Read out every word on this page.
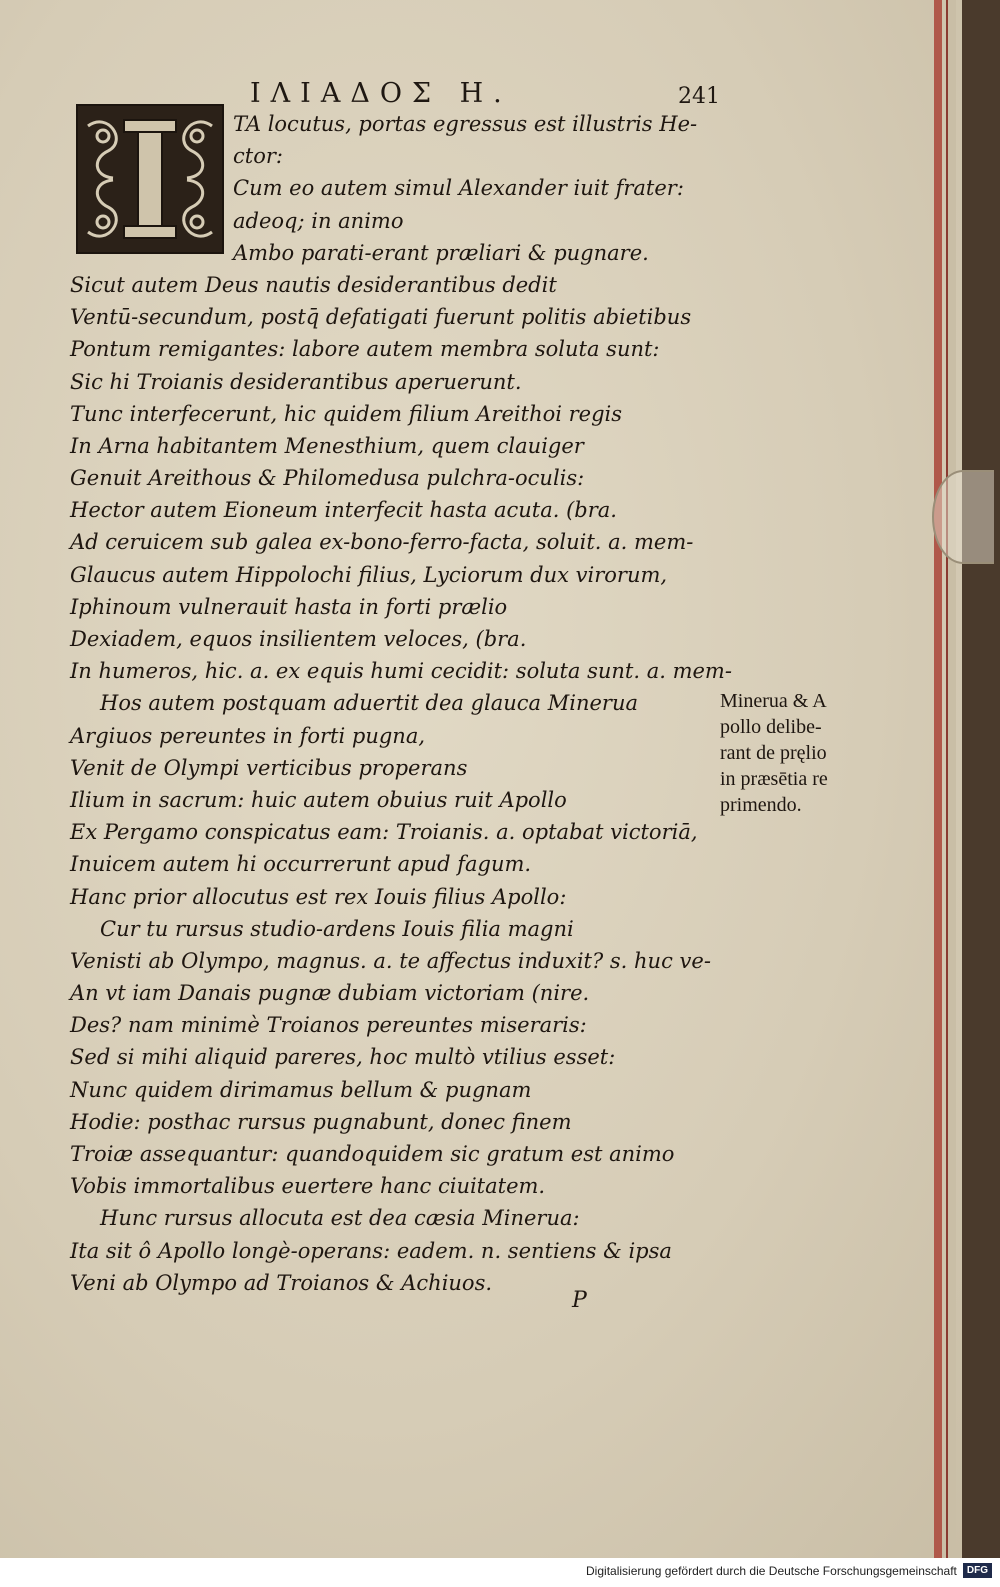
ΙΛΙΑΔΟΣ Η.	241
TA locutus, portas egressus est illustris He-
ctor:
Cum eo autem simul Alexander iuit frater:
adeoq; in animo
Ambo parati-erant præliari & pugnare.
Sicut autem Deus nautis desiderantibus dedit
Ventū-secundum, postq̄ defatigati fuerunt politis abietibus
Pontum remigantes: labore autem membra soluta sunt:
Sic hi Troianis desiderantibus aperuerunt.
Tunc interfecerunt, hic quidem filium Areithoi regis
In Arna habitantem Menesthium, quem clauiger
Genuit Areithous & Philomedusa pulchra-oculis:
Hector autem Eioneum interfecit hasta acuta. (bra.
Ad ceruicem sub galea ex-bono-ferro-facta, soluit. a. mem-
Glaucus autem Hippolochi filius, Lyciorum dux virorum,
Iphinoum vulnerauit hasta in forti prælio
Dexiadem, equos insilientem veloces, (bra.
In humeros, hic. a. ex equis humi cecidit: soluta sunt. a. mem-
Hos autem postquam aduertit dea glauca Minerua
Argiuos pereuntes in forti pugna,
Venit de Olympi verticibus properans
Ilium in sacrum: huic autem obuius ruit Apollo
Ex Pergamo conspicatus eam: Troianis. a. optabat victoriā,
Inuicem autem hi occurrerunt apud fagum.
Hanc prior allocutus est rex Iouis filius Apollo:
Cur tu rursus studio-ardens Iouis filia magni
Venisti ab Olympo, magnus. a. te affectus induxit? s. huc ve-
An vt iam Danais pugnæ dubiam victoriam (nire.
Des? nam minimè Troianos pereuntes miseraris:
Sed si mihi aliquid pareres, hoc multò vtilius esset:
Nunc quidem dirimamus bellum & pugnam
Hodie: posthac rursus pugnabunt, donec finem
Troiæ assequantur: quandoquidem sic gratum est animo
Vobis immortalibus euertere hanc ciuitatem.
Hunc rursus allocuta est dea cæsia Minerua:
Ita sit ô Apollo longè-operans: eadem. n. sentiens & ipsa
Veni ab Olympo ad Troianos & Achiuos.
Minerua & A
pollo delibe-
rant de pręlio
in præsētia re
primendo.
P
Digitalisierung gefördert durch die Deutsche Forschungsgemeinschaft	DFG
